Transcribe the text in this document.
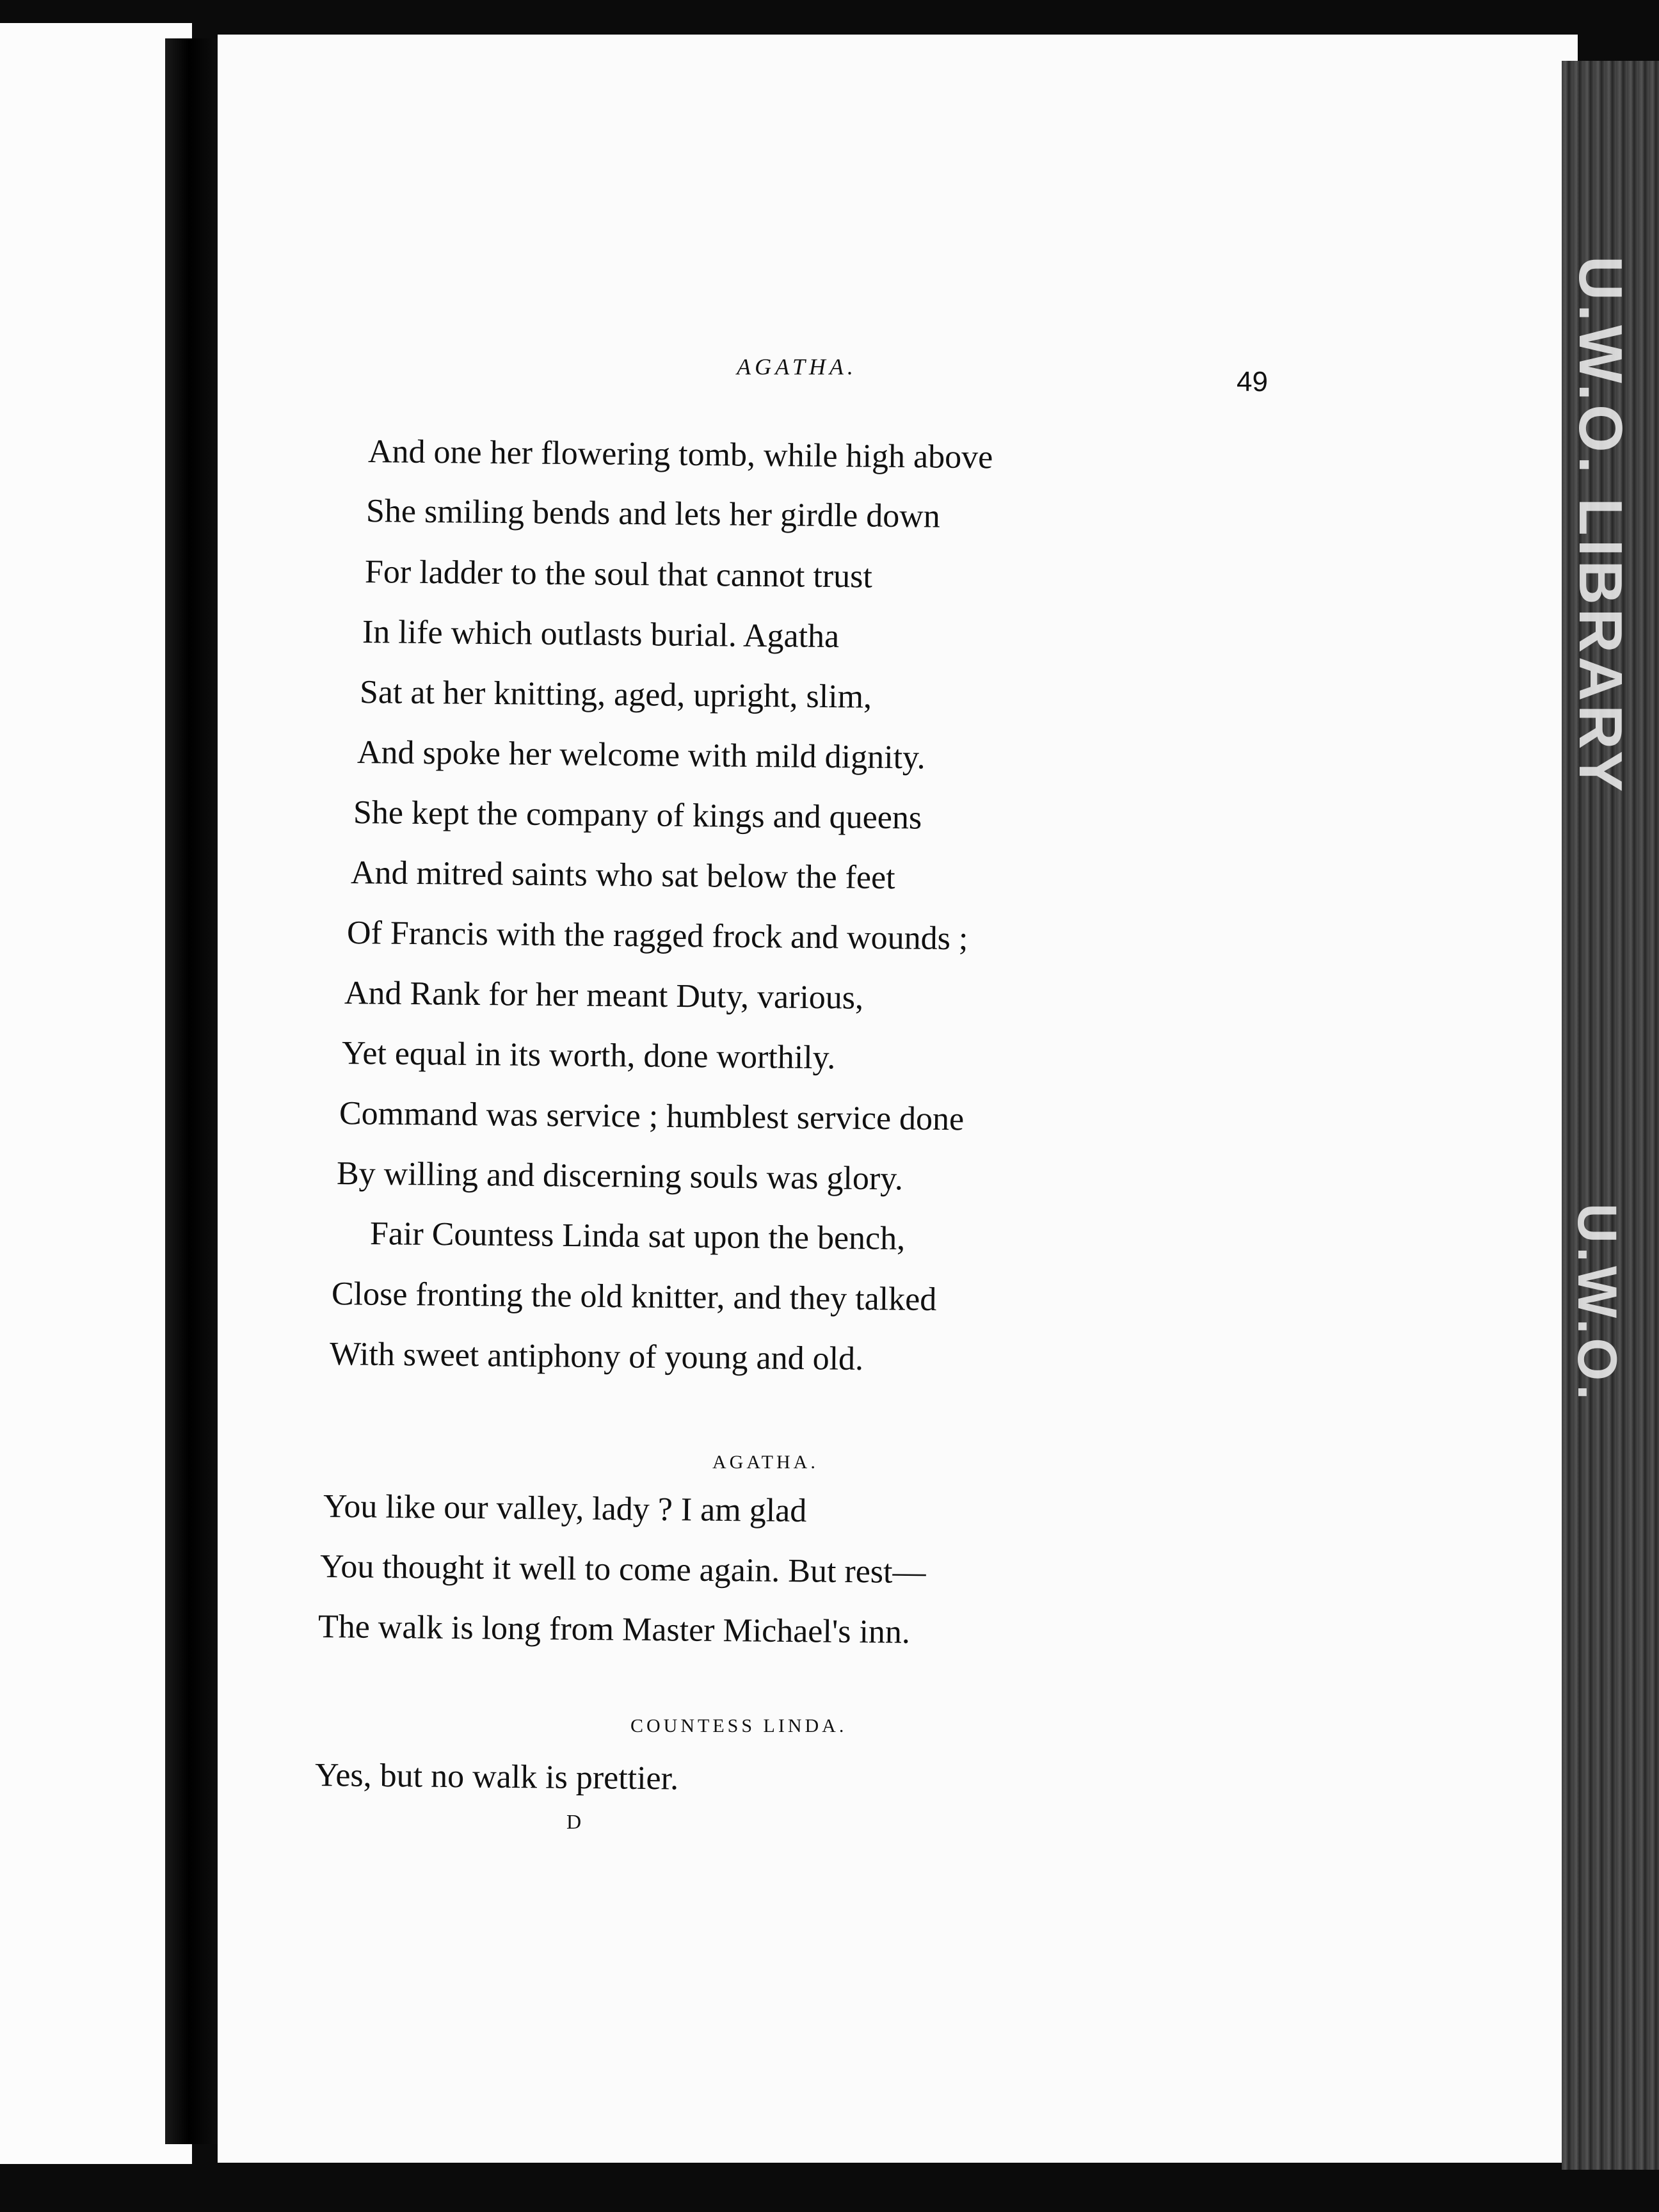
U.W.O. LIBRARY
U.W.O.
AGATHA.	49
And one her flowering tomb, while high above
She smiling bends and lets her girdle down
For ladder to the soul that cannot trust
In life which outlasts burial. Agatha
Sat at her knitting, aged, upright, slim,
And spoke her welcome with mild dignity.
She kept the company of kings and queens
And mitred saints who sat below the feet
Of Francis with the ragged frock and wounds ;
And Rank for her meant Duty, various,
Yet equal in its worth, done worthily.
Command was service ; humblest service done
By willing and discerning souls was glory.
Fair Countess Linda sat upon the bench,
Close fronting the old knitter, and they talked
With sweet antiphony of young and old.
AGATHA.
You like our valley, lady ? I am glad
You thought it well to come again. But rest—
The walk is long from Master Michael's inn.
COUNTESS LINDA.
Yes, but no walk is prettier.
D
